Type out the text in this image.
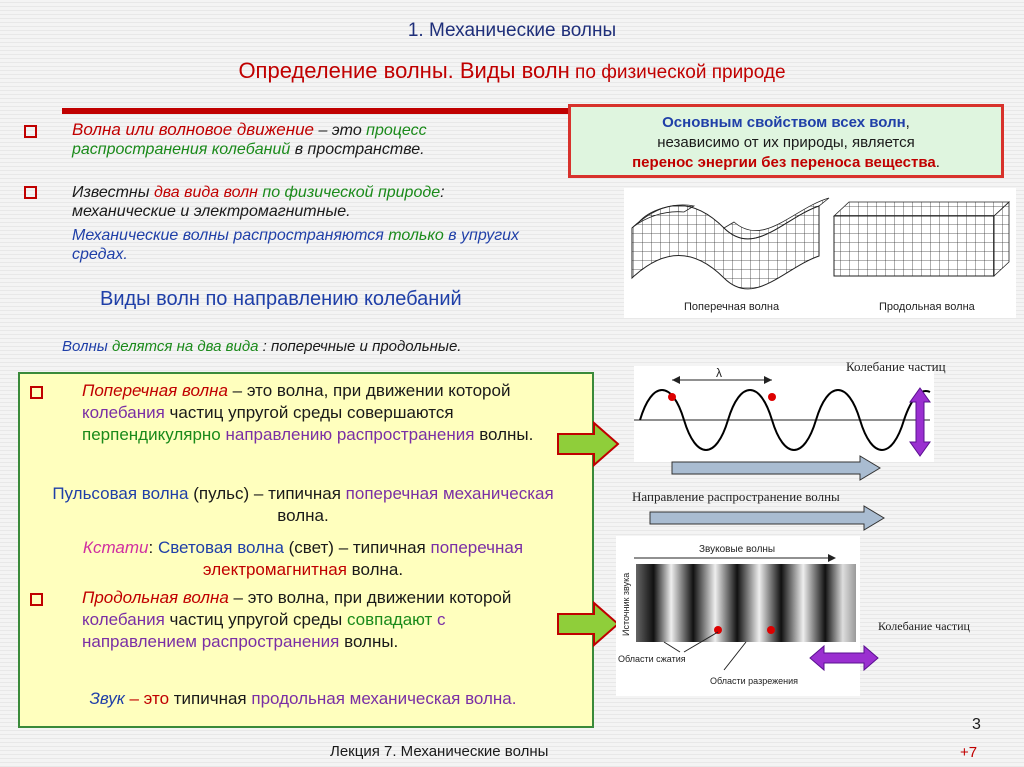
1. Механические волны
Определение волны. Виды волн по физической природе
Волна или волновое движение – это процесс распространения колебаний в пространстве.
Известны два вида волн по физической природе:
механические и электромагнитные.
Механические волны распространяются только в упругих средах.
Основным свойством всех волн,
независимо от их природы, является
перенос энергии без переноса вещества.
Поперечная волна	Продольная волна
Виды волн по направлению колебаний
Волны делятся на два вида : поперечные и продольные.
Поперечная волна – это волна, при движении которой колебания частиц упругой среды совершаются перпендикулярно направлению распространения волны.
Пульсовая волна (пульс) – типичная поперечная механическая волна.
Кстати: Световая волна (свет) – типичная поперечная электромагнитная волна.
Продольная волна – это волна, при движении которой колебания частиц упругой среды совпадают с направлением распространения волны.
Звук – это типичная продольная механическая волна.
λ	Колебание частиц
Направление распространение волны
Звуковые волны
Источник звука
Области сжатия
Области разрежения
Колебание частиц
Лекция 7. Механические волны
3
+7
